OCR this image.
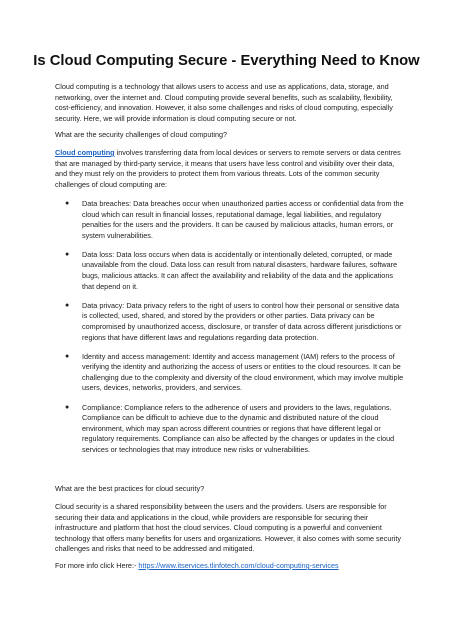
Is Cloud Computing Secure - Everything Need to Know

Cloud computing is a technology that allows users to access and use as applications, data, storage, and networking, over the internet and. Cloud computing provide several benefits, such as scalability, flexibility, cost-efficiency, and innovation. However, it also some challenges and risks of cloud computing, especially security. Here, we will provide information is cloud computing secure or not.

What are the security challenges of cloud computing?

Cloud computing involves transferring data from local devices or servers to remote servers or data centres that are managed by third-party service, it means that users have less control and visibility over their data, and they must rely on the providers to protect them from various threats. Lots of the common security challenges of cloud computing are:

● Data breaches: Data breaches occur when unauthorized parties access or confidential data from the cloud which can result in financial losses, reputational damage, legal liabilities, and regulatory penalties for the users and the providers. It can be caused by malicious attacks, human errors, or system vulnerabilities.
● Data loss: Data loss occurs when data is accidentally or intentionally deleted, corrupted, or made unavailable from the cloud. Data loss can result from natural disasters, hardware failures, software bugs, malicious attacks. It can affect the availability and reliability of the data and the applications that depend on it.
● Data privacy: Data privacy refers to the right of users to control how their personal or sensitive data is collected, used, shared, and stored by the providers or other parties. Data privacy can be compromised by unauthorized access, disclosure, or transfer of data across different jurisdictions or regions that have different laws and regulations regarding data protection.
● Identity and access management: Identity and access management (IAM) refers to the process of verifying the identity and authorizing the access of users or entities to the cloud resources. It can be challenging due to the complexity and diversity of the cloud environment, which may involve multiple users, devices, networks, providers, and services.
● Compliance: Compliance refers to the adherence of users and providers to the laws, regulations. Compliance can be difficult to achieve due to the dynamic and distributed nature of the cloud environment, which may span across different countries or regions that have different legal or regulatory requirements. Compliance can also be affected by the changes or updates in the cloud services or technologies that may introduce new risks or vulnerabilities.

What are the best practices for cloud security?

Cloud security is a shared responsibility between the users and the providers. Users are responsible for securing their data and applications in the cloud, while providers are responsible for securing their infrastructure and platform that host the cloud services. Cloud computing is a powerful and convenient technology that offers many benefits for users and organizations. However, it also comes with some security challenges and risks that need to be addressed and mitigated.

For more info click Here:- https://www.itservices.tlinfotech.com/cloud-computing-services
